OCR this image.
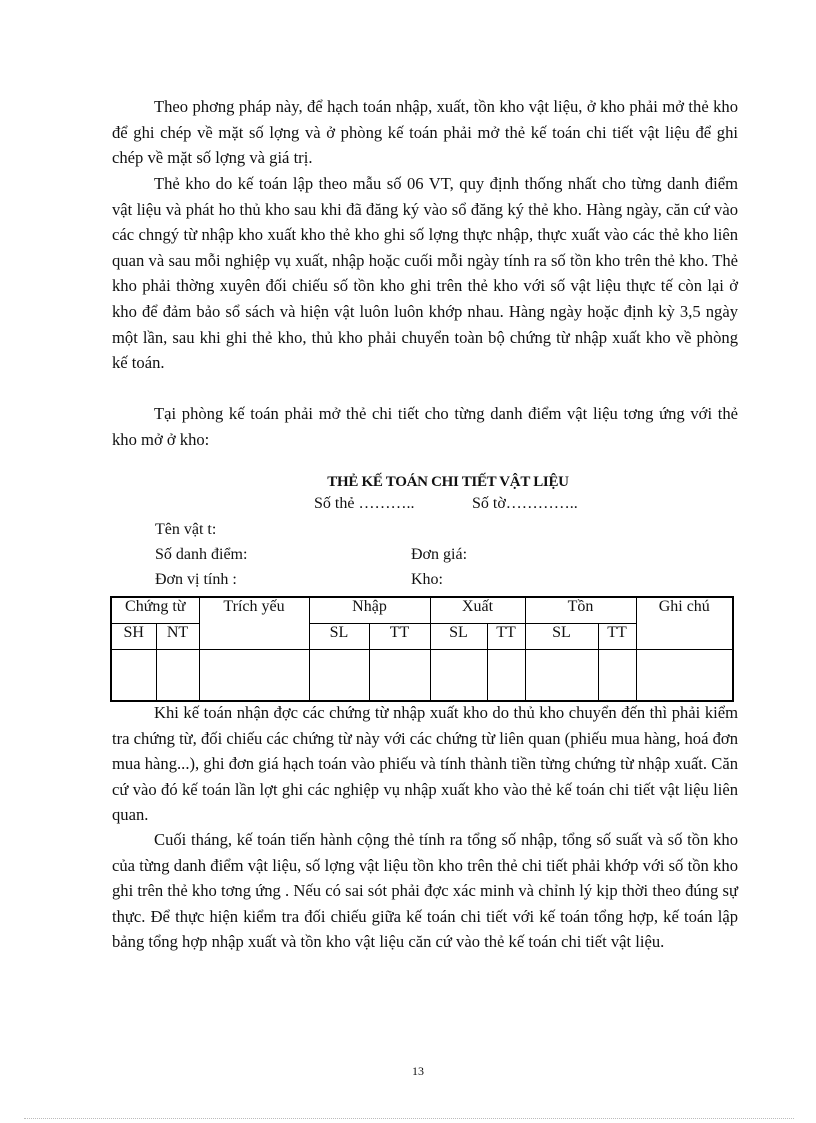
Theo phơng pháp này, để hạch toán nhập, xuất, tồn kho vật liệu, ở kho phải mở thẻ kho để ghi chép về mặt số lợng và ở phòng kế toán phải mở thẻ kế toán chi tiết vật liệu để ghi chép về mặt số lợng và giá trị.

Thẻ kho do kế toán lập theo mẫu số 06 VT, quy định thống nhất cho từng danh điểm vật liệu và phát ho thủ kho sau khi đã đăng ký vào sổ đăng ký thẻ kho. Hàng ngày, căn cứ vào các chngý từ nhập kho xuất kho thẻ kho ghi số lợng thực nhập, thực xuất vào các thẻ kho liên quan và sau mỗi nghiệp vụ xuất, nhập hoặc cuối mỗi ngày tính ra số tồn kho trên thẻ kho. Thẻ kho phải thờng xuyên đối chiếu số tồn kho ghi trên thẻ kho với số vật liệu thực tế còn lại ở kho để đảm bảo sổ sách và hiện vật luôn luôn khớp nhau. Hàng ngày hoặc định kỳ 3,5 ngày một lần, sau khi ghi thẻ kho, thủ kho phải chuyển toàn bộ chứng từ nhập xuất kho về phòng kế toán.

Tại phòng kế toán phải mở thẻ chi tiết cho từng danh điểm vật liệu tơng ứng với thẻ kho mở ở kho:

THẺ KẾ TOÁN CHI TIẾT VẬT LIỆU
Số thẻ ………..	Số tờ…………..
Tên vật t:
Số danh điểm:	Đơn giá:
Đơn vị tính :	Kho:
Chứng từ		Trích yếu	Nhập		Xuất		Tồn		Ghi chú
SH	NT		SL	TT	SL	TT	SL	TT	

Khi kế toán nhận đợc các chứng từ nhập xuất kho do thủ kho chuyển đến thì phải kiểm tra chứng từ, đối chiếu các chứng từ này với các chứng từ liên quan (phiếu mua hàng, hoá đơn mua hàng...), ghi đơn giá hạch toán vào phiếu và tính thành tiền từng chứng từ nhập xuất. Căn cứ vào đó kế toán lần lợt ghi các nghiệp vụ nhập xuất kho vào thẻ kế toán chi tiết vật liệu liên quan.

Cuối tháng, kế toán tiến hành cộng thẻ tính ra tổng số nhập, tổng số suất và số tồn kho của từng danh điểm vật liệu, số lợng vật liệu tồn kho trên thẻ chi tiết phải khớp với số tồn kho ghi trên thẻ kho tơng ứng . Nếu có sai sót phải đợc xác minh và chỉnh lý kịp thời theo đúng sự thực. Để thực hiện kiểm tra đối chiếu giữa kế toán chi tiết với kế toán tổng hợp, kế toán lập bảng tổng hợp nhập xuất và tồn kho vật liệu căn cứ vào thẻ kế toán chi tiết vật liệu.

13
